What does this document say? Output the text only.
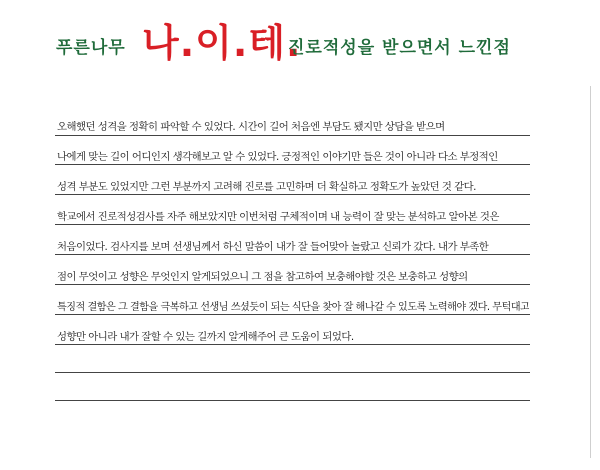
푸른나무 나.이.테.
진로적성을 받으면서 느낀점
오해했던 성격을 정확히 파악할 수 있었다. 시간이 길어 처음엔 부담도 됐지만 상담을 받으며
나에게 맞는 길이 어디인지 생각해보고 알 수 있었다. 긍정적인 이야기만 들은 것이 아니라 다소 부정적인
성격 부분도 있었지만 그런 부분까지 고려해 진로를 고민하며 더 확실하고 정확도가 높았던 것 같다.
학교에서 진로적성검사를 자주 해보았지만 이번처럼 구체적이며 내 능력이 잘 맞는 분석하고 알아본 것은
처음이었다. 검사지를 보며 선생님께서 하신 말씀이 내가 잘 들어맞아 놀랐고 신뢰가 갔다. 내가 부족한
점이 무엇이고 성향은 무엇인지 알게되었으니 그 점을 참고하여 보충해야할 것은 보충하고 성향의
특징적 결함은 그 결함을 극복하고 선생님 쓰셨듯이 되는 식단을 찾아 잘 해나갈 수 있도록 노력해야 겠다. 무턱대고
성향만 아니라 내가 잘할 수 있는 길까지 알게해주어 큰 도움이 되었다.
